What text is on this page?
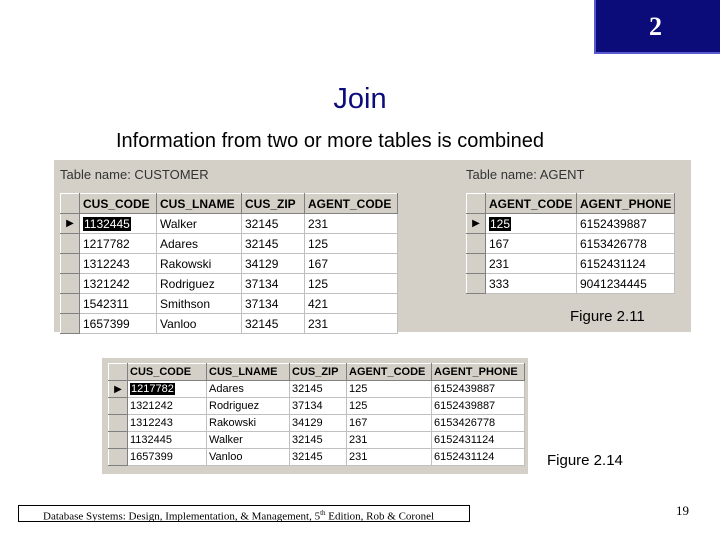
2
Join
Information from two or more tables is combined
Table name: CUSTOMER
	CUS_CODE	CUS_LNAME	CUS_ZIP	AGENT_CODE
▶	1132445	Walker	32145	231
	1217782	Adares	32145	125
	1312243	Rakowski	34129	167
	1321242	Rodriguez	37134	125
	1542311	Smithson	37134	421
	1657399	Vanloo	32145	231
Table name: AGENT
	AGENT_CODE	AGENT_PHONE
▶	125	6152439887
	167	6153426778
	231	6152431124
	333	9041234445
Figure 2.11
	CUS_CODE	CUS_LNAME	CUS_ZIP	AGENT_CODE	AGENT_PHONE
▶	1217782	Adares	32145	125	6152439887
	1321242	Rodriguez	37134	125	6152439887
	1312243	Rakowski	34129	167	6153426778
	1132445	Walker	32145	231	6152431124
	1657399	Vanloo	32145	231	6152431124	Figure 2.14
Database Systems: Design, Implementation, & Management, 5th Edition, Rob & Coronel	19
